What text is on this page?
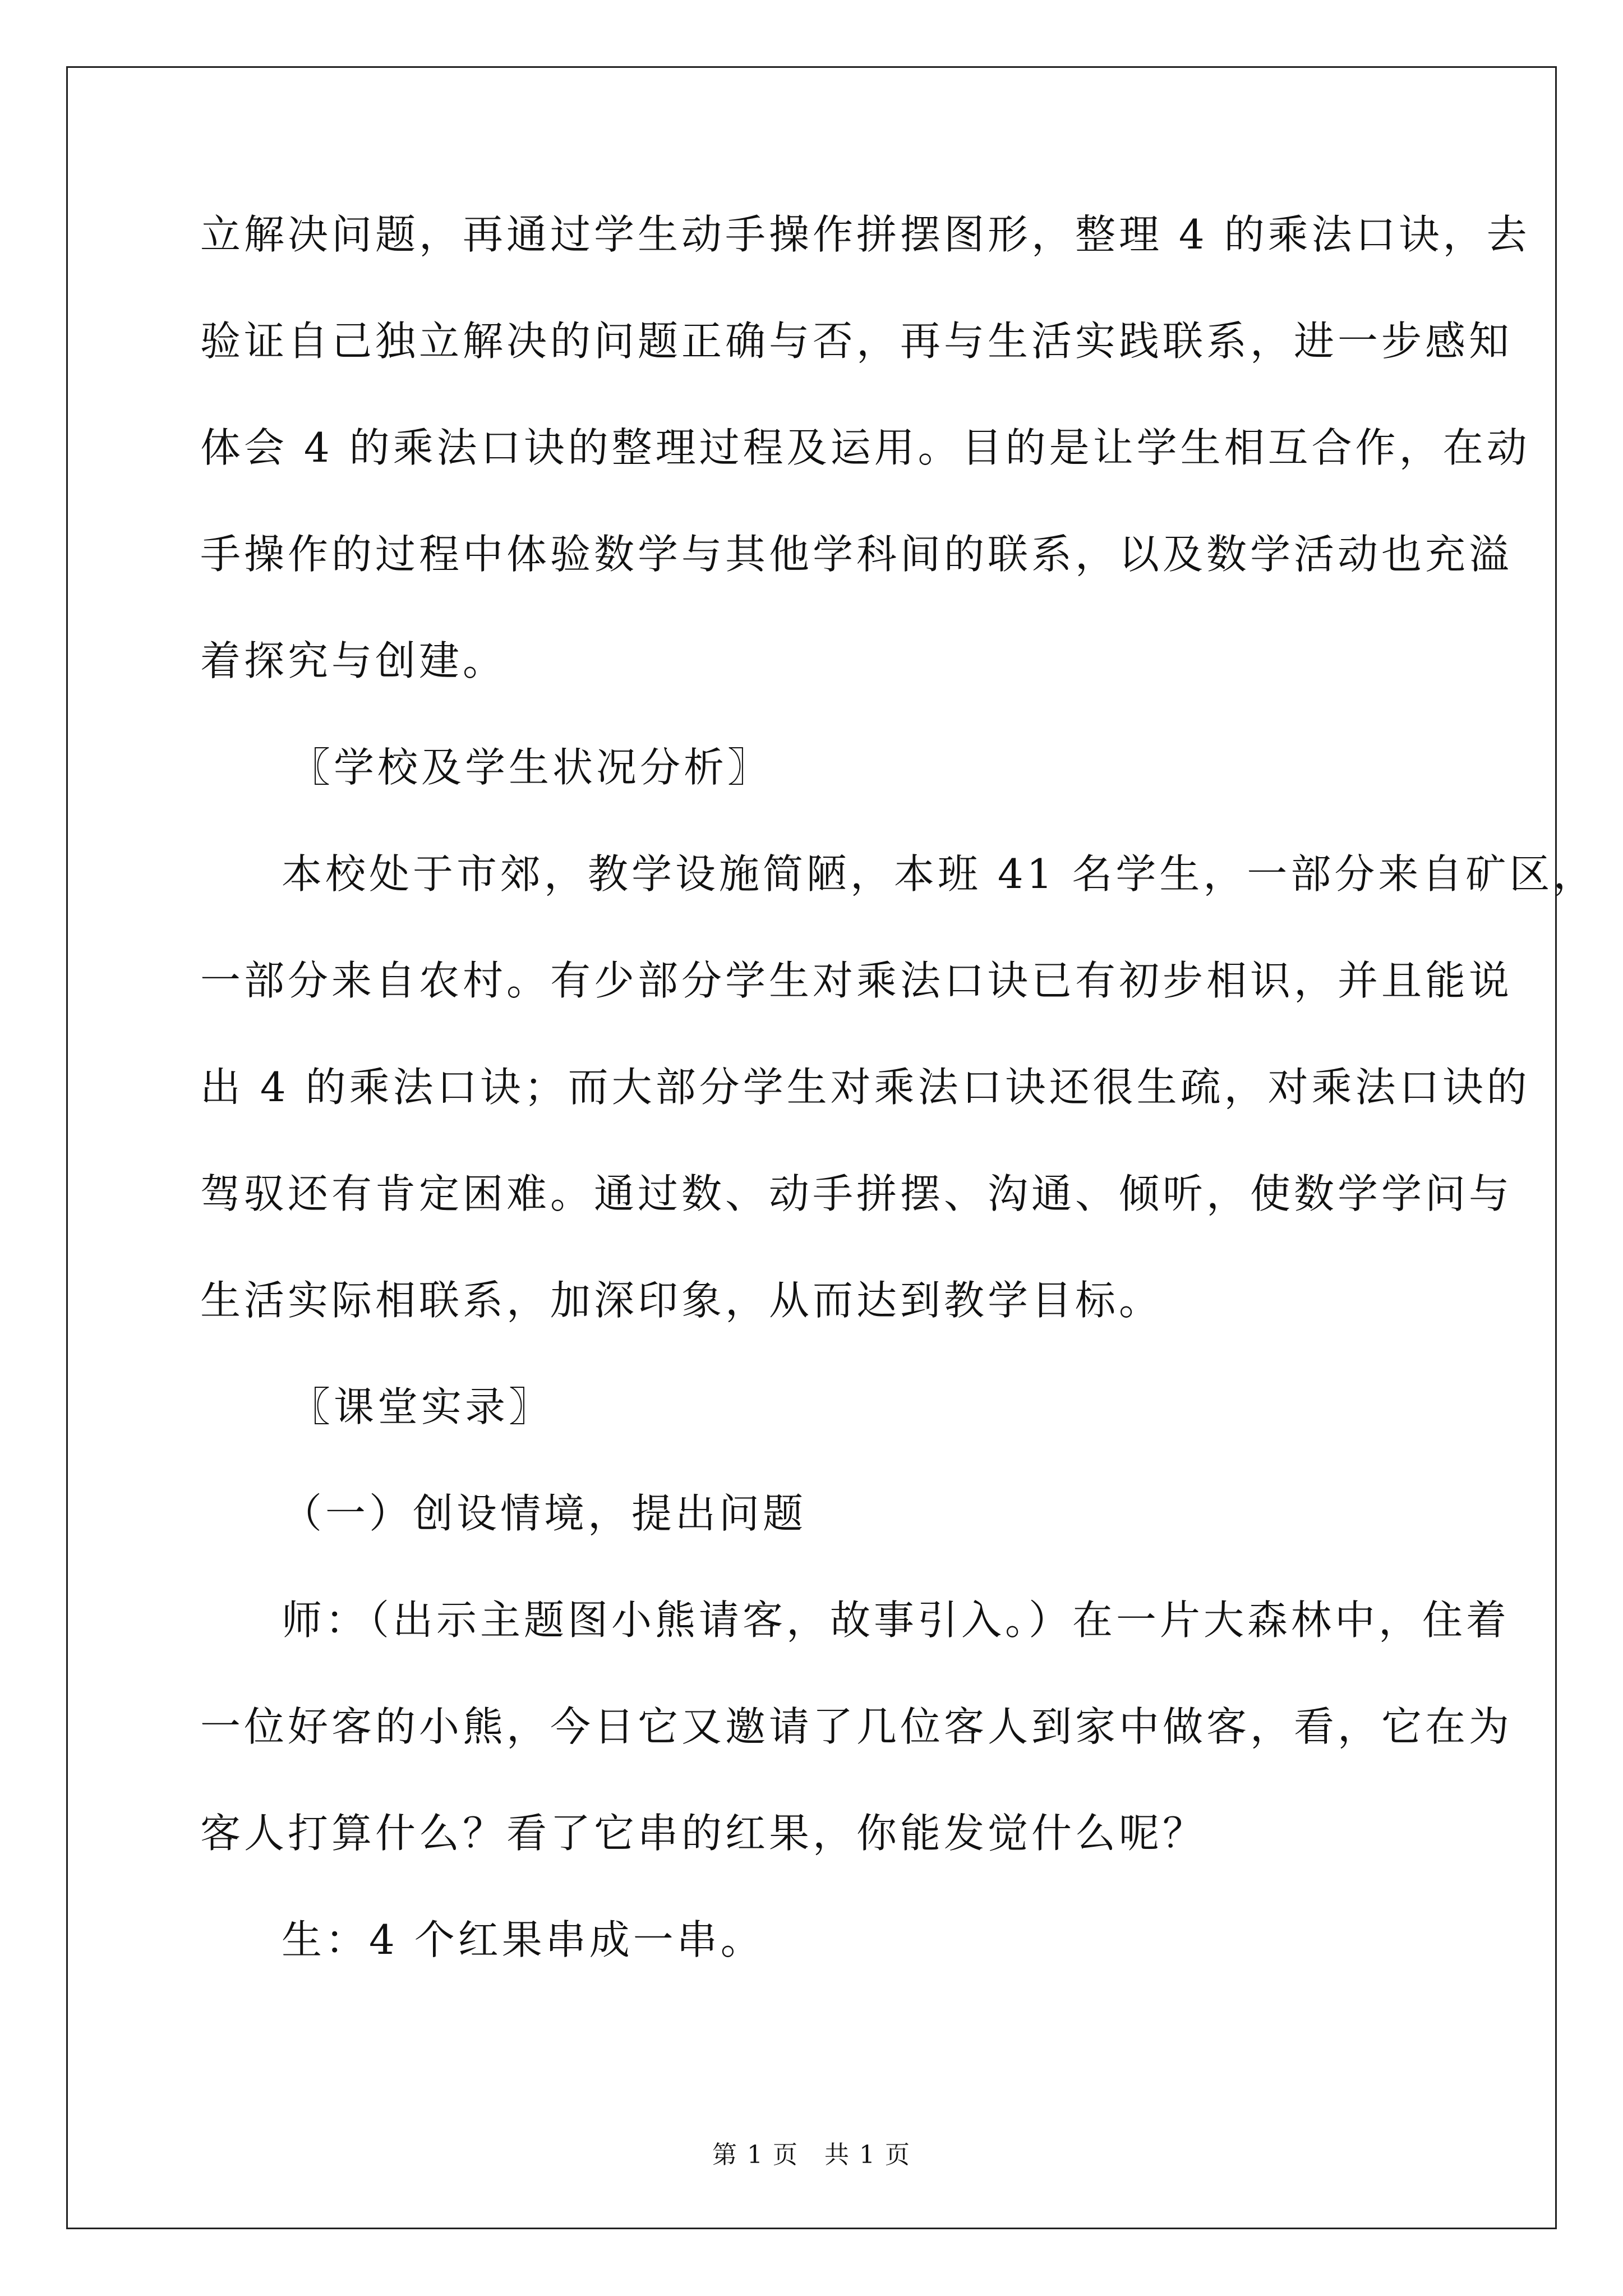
立解决问题，再通过学生动手操作拼摆图形，整理 4 的乘法口诀，去
验证自己独立解决的问题正确与否，再与生活实践联系，进一步感知
体会 4 的乘法口诀的整理过程及运用。目的是让学生相互合作，在动
手操作的过程中体验数学与其他学科间的联系，以及数学活动也充溢
着探究与创建。
〖学校及学生状况分析〗
本校处于市郊，教学设施简陋，本班 41 名学生，一部分来自矿区，
一部分来自农村。有少部分学生对乘法口诀已有初步相识，并且能说
出 4 的乘法口诀；而大部分学生对乘法口诀还很生疏，对乘法口诀的
驾驭还有肯定困难。通过数、动手拼摆、沟通、倾听，使数学学问与
生活实际相联系，加深印象，从而达到教学目标。
〖课堂实录〗
（一）创设情境，提出问题
师：（出示主题图小熊请客，故事引入。）在一片大森林中，住着
一位好客的小熊，今日它又邀请了几位客人到家中做客，看，它在为
客人打算什么？看了它串的红果，你能发觉什么呢？
生：4 个红果串成一串。
第 1 页　共 1 页
